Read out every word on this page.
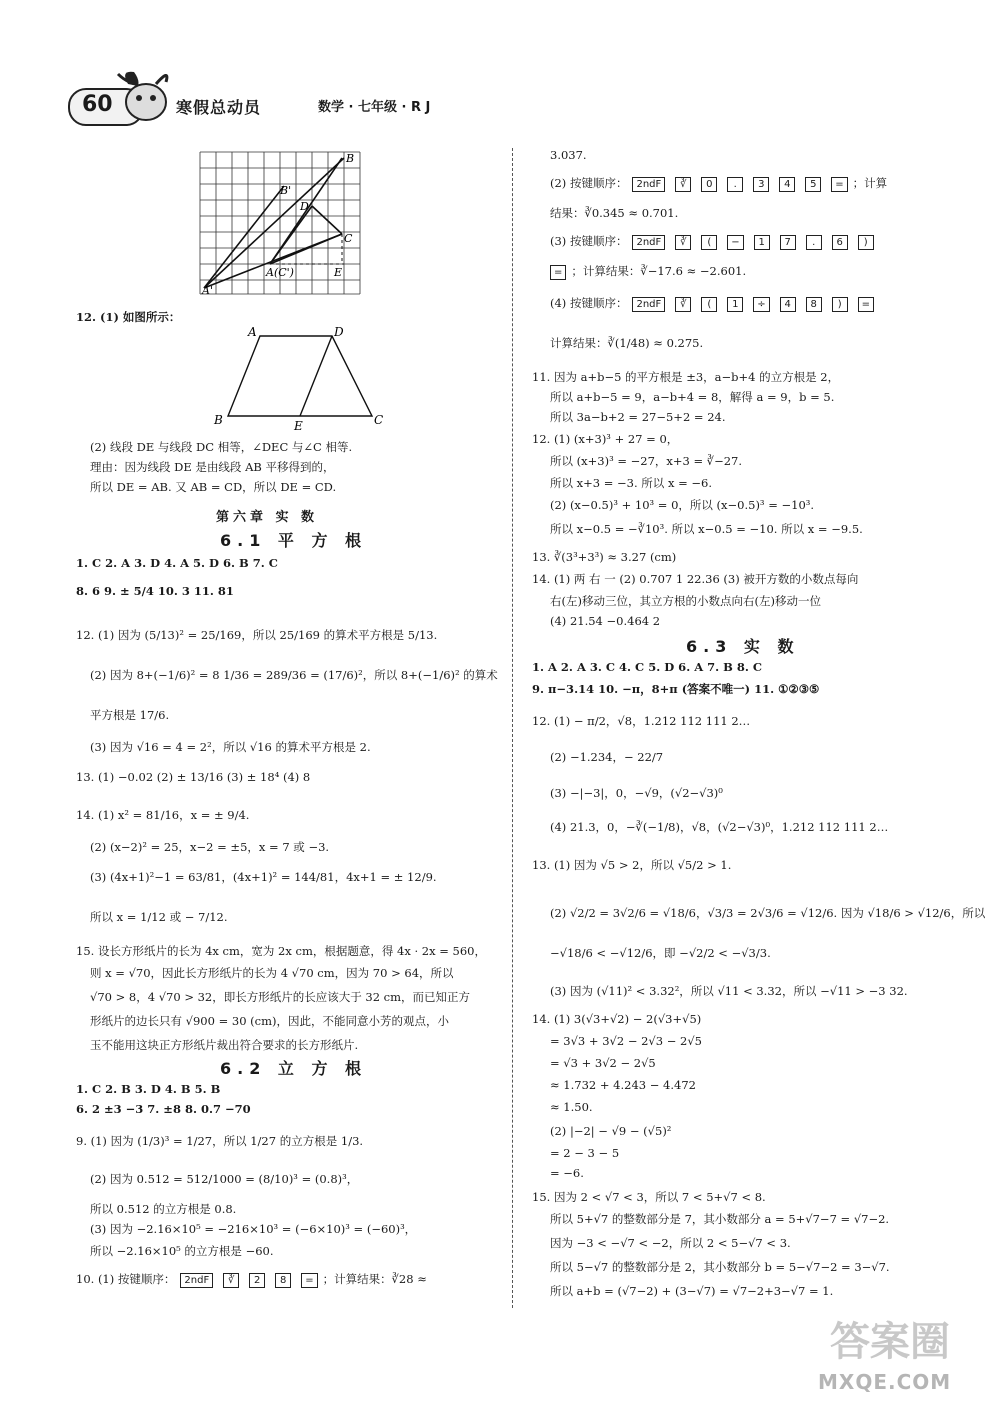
60	寒假总动员	数学 · 七年级 · R J
B
B'
D
C
A(C')	E
A'
12. (1) 如图所示：
A	D
B	E	C
(2) 线段 DE 与线段 DC 相等，∠DEC 与∠C 相等.
理由：因为线段 DE 是由线段 AB 平移得到的，
所以 DE = AB. 又 AB = CD，所以 DE = CD.
第六章 实 数
6.1 平 方 根
1. C 2. A 3. D 4. A 5. D 6. B 7. C
8. 6 9. ± 5/4 10. 3 11. 81
12. (1) 因为 (5/13)² = 25/169，所以 25/169 的算术平方根是 5/13.
(2) 因为 8+(−1/6)² = 8 1/36 = 289/36 = (17/6)²，所以 8+(−1/6)² 的算术
平方根是 17/6.
(3) 因为 √16 = 4 = 2²，所以 √16 的算术平方根是 2.
13. (1) −0.02 (2) ± 13/16 (3) ± 18⁴ (4) 8
14. (1) x² = 81/16，x = ± 9/4.
(2) (x−2)² = 25，x−2 = ±5，x = 7 或 −3.
(3) (4x+1)²−1 = 63/81，(4x+1)² = 144/81，4x+1 = ± 12/9.
所以 x = 1/12 或 − 7/12.
15. 设长方形纸片的长为 4x cm，宽为 2x cm，根据题意，得 4x · 2x = 560，
则 x = √70，因此长方形纸片的长为 4 √70 cm，因为 70 > 64，所以
√70 > 8，4 √70 > 32，即长方形纸片的长应该大于 32 cm，而已知正方
形纸片的边长只有 √900 = 30 (cm)，因此，不能同意小芳的观点，小
玉不能用这块正方形纸片裁出符合要求的长方形纸片.
6.2 立 方 根
1. C 2. B 3. D 4. B 5. B
6. 2 ±3 −3 7. ±8 8. 0.7 −70
9. (1) 因为 (1/3)³ = 1/27，所以 1/27 的立方根是 1/3.
(2) 因为 0.512 = 512/1000 = (8/10)³ = (0.8)³，
所以 0.512 的立方根是 0.8.
(3) 因为 −2.16×10⁵ = −216×10³ = (−6×10)³ = (−60)³，
所以 −2.16×10⁵ 的立方根是 −60.
10. (1) 按键顺序： 2ndF ∛ 2 8 = ；计算结果：∛28 ≈
3.037.
(2) 按键顺序： 2ndF ∛ 0 . 3 4 5 = ；计算
结果：∛0.345 ≈ 0.701.
(3) 按键顺序： 2ndF ∛ ( − 1 7 . 6 )
= ；计算结果：∛−17.6 ≈ −2.601.
(4) 按键顺序： 2ndF ∛ ( 1 ÷ 4 8 ) =
计算结果：∛(1/48) ≈ 0.275.
11. 因为 a+b−5 的平方根是 ±3，a−b+4 的立方根是 2，
所以 a+b−5 = 9，a−b+4 = 8，解得 a = 9，b = 5.
所以 3a−b+2 = 27−5+2 = 24.
12. (1) (x+3)³ + 27 = 0，
所以 (x+3)³ = −27，x+3 = ∛−27.
所以 x+3 = −3. 所以 x = −6.
(2) (x−0.5)³ + 10³ = 0，所以 (x−0.5)³ = −10³.
所以 x−0.5 = −∛10³. 所以 x−0.5 = −10. 所以 x = −9.5.
13. ∛(3³+3³) ≈ 3.27 (cm)
14. (1) 两 右 一 (2) 0.707 1 22.36 (3) 被开方数的小数点每向
右(左)移动三位，其立方根的小数点向右(左)移动一位
(4) 21.54 −0.464 2
6.3 实 数
1. A 2. A 3. C 4. C 5. D 6. A 7. B 8. C
9. π−3.14 10. −π，8+π (答案不唯一) 11. ①②③⑤
12. (1) − π/2，√8，1.212 112 111 2…
(2) −1.234，− 22/7
(3) −|−3|，0，−√9，(√2−√3)⁰
(4) 21.3，0，−∛(−1/8)，√8，(√2−√3)⁰，1.212 112 111 2…
13. (1) 因为 √5 > 2，所以 √5/2 > 1.
(2) √2/2 = 3√2/6 = √18/6，√3/3 = 2√3/6 = √12/6. 因为 √18/6 > √12/6，所以
−√18/6 < −√12/6，即 −√2/2 < −√3/3.
(3) 因为 (√11)² < 3.32²，所以 √11 < 3.32，所以 −√11 > −3 32.
14. (1) 3(√3+√2) − 2(√3+√5)
= 3√3 + 3√2 − 2√3 − 2√5
= √3 + 3√2 − 2√5
≈ 1.732 + 4.243 − 4.472
≈ 1.50.
(2) |−2| − √9 − (√5)²
= 2 − 3 − 5
= −6.
15. 因为 2 < √7 < 3，所以 7 < 5+√7 < 8.
所以 5+√7 的整数部分是 7，其小数部分 a = 5+√7−7 = √7−2.
因为 −3 < −√7 < −2，所以 2 < 5−√7 < 3.
所以 5−√7 的整数部分是 2，其小数部分 b = 5−√7−2 = 3−√7.
所以 a+b = (√7−2) + (3−√7) = √7−2+3−√7 = 1.
答案圈
MXQE.COM
